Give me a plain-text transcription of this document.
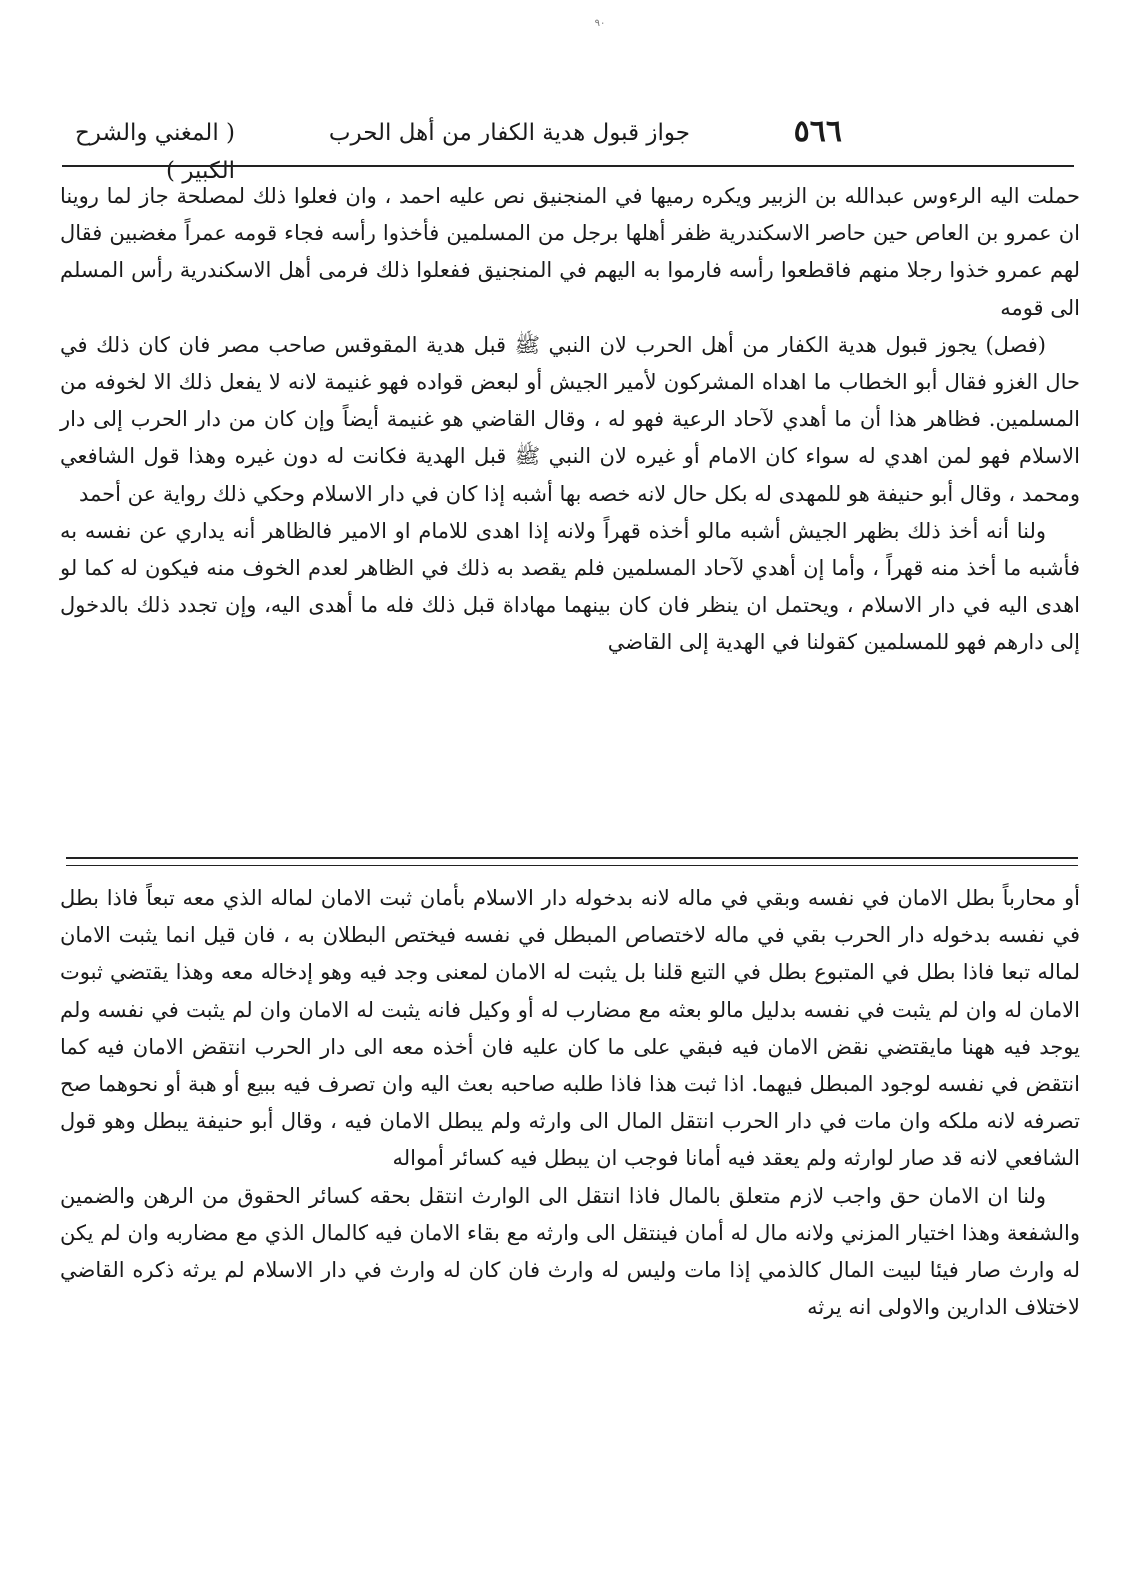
٩٠
٥٦٦
جواز قبول هدية الكفار من أهل الحرب
( المغني والشرح الكبير )

حملت اليه الرءوس عبدالله بن الزبير ويكره رميها في المنجنيق نص عليه احمد ، وان فعلوا ذلك لمصلحة جاز لما روينا ان عمرو بن العاص حين حاصر الاسكندرية ظفر أهلها برجل من المسلمين فأخذوا رأسه فجاء قومه عمراً مغضبين فقال لهم عمرو خذوا رجلا منهم فاقطعوا رأسه فارموا به اليهم في المنجنيق ففعلوا ذلك فرمى أهل الاسكندرية رأس المسلم الى قومه

(فصل) يجوز قبول هدية الكفار من أهل الحرب لان النبي ﷺ قبل هدية المقوقس صاحب مصر فان كان ذلك في حال الغزو فقال أبو الخطاب ما اهداه المشركون لأمير الجيش أو لبعض قواده فهو غنيمة لانه لا يفعل ذلك الا لخوفه من المسلمين. فظاهر هذا أن ما أهدي لآحاد الرعية فهو له ، وقال القاضي هو غنيمة أيضاً وإن كان من دار الحرب إلى دار الاسلام فهو لمن اهدي له سواء كان الامام أو غيره لان النبي ﷺ قبل الهدية فكانت له دون غيره وهذا قول الشافعي ومحمد ، وقال أبو حنيفة هو للمهدى له بكل حال لانه خصه بها أشبه إذا كان في دار الاسلام وحكي ذلك رواية عن أحمد

ولنا أنه أخذ ذلك بظهر الجيش أشبه مالو أخذه قهراً ولانه إذا اهدى للامام او الامير فالظاهر أنه يداري عن نفسه به فأشبه ما أخذ منه قهراً ، وأما إن أهدي لآحاد المسلمين فلم يقصد به ذلك في الظاهر لعدم الخوف منه فيكون له كما لو اهدى اليه في دار الاسلام ، ويحتمل ان ينظر فان كان بينهما مهاداة قبل ذلك فله ما أهدى اليه، وإن تجدد ذلك بالدخول إلى دارهم فهو للمسلمين كقولنا في الهدية إلى القاضي

أو محارباً بطل الامان في نفسه وبقي في ماله لانه بدخوله دار الاسلام بأمان ثبت الامان لماله الذي معه تبعاً فاذا بطل في نفسه بدخوله دار الحرب بقي في ماله لاختصاص المبطل في نفسه فيختص البطلان به ، فان قيل انما يثبت الامان لماله تبعا فاذا بطل في المتبوع بطل في التبع قلنا بل يثبت له الامان لمعنى وجد فيه وهو إدخاله معه وهذا يقتضي ثبوت الامان له وان لم يثبت في نفسه بدليل مالو بعثه مع مضارب له أو وكيل فانه يثبت له الامان وان لم يثبت في نفسه ولم يوجد فيه ههنا مايقتضي نقض الامان فيه فبقي على ما كان عليه فان أخذه معه الى دار الحرب انتقض الامان فيه كما انتقض في نفسه لوجود المبطل فيهما. اذا ثبت هذا فاذا طلبه صاحبه بعث اليه وان تصرف فيه ببيع أو هبة أو نحوهما صح تصرفه لانه ملكه وان مات في دار الحرب انتقل المال الى وارثه ولم يبطل الامان فيه ، وقال أبو حنيفة يبطل وهو قول الشافعي لانه قد صار لوارثه ولم يعقد فيه أمانا فوجب ان يبطل فيه كسائر أمواله

ولنا ان الامان حق واجب لازم متعلق بالمال فاذا انتقل الى الوارث انتقل بحقه كسائر الحقوق من الرهن والضمين والشفعة وهذا اختيار المزني ولانه مال له أمان فينتقل الى وارثه مع بقاء الامان فيه كالمال الذي مع مضاربه وان لم يكن له وارث صار فيئا لبيت المال كالذمي إذا مات وليس له وارث فان كان له وارث في دار الاسلام لم يرثه ذكره القاضي لاختلاف الدارين والاولى انه يرثه
